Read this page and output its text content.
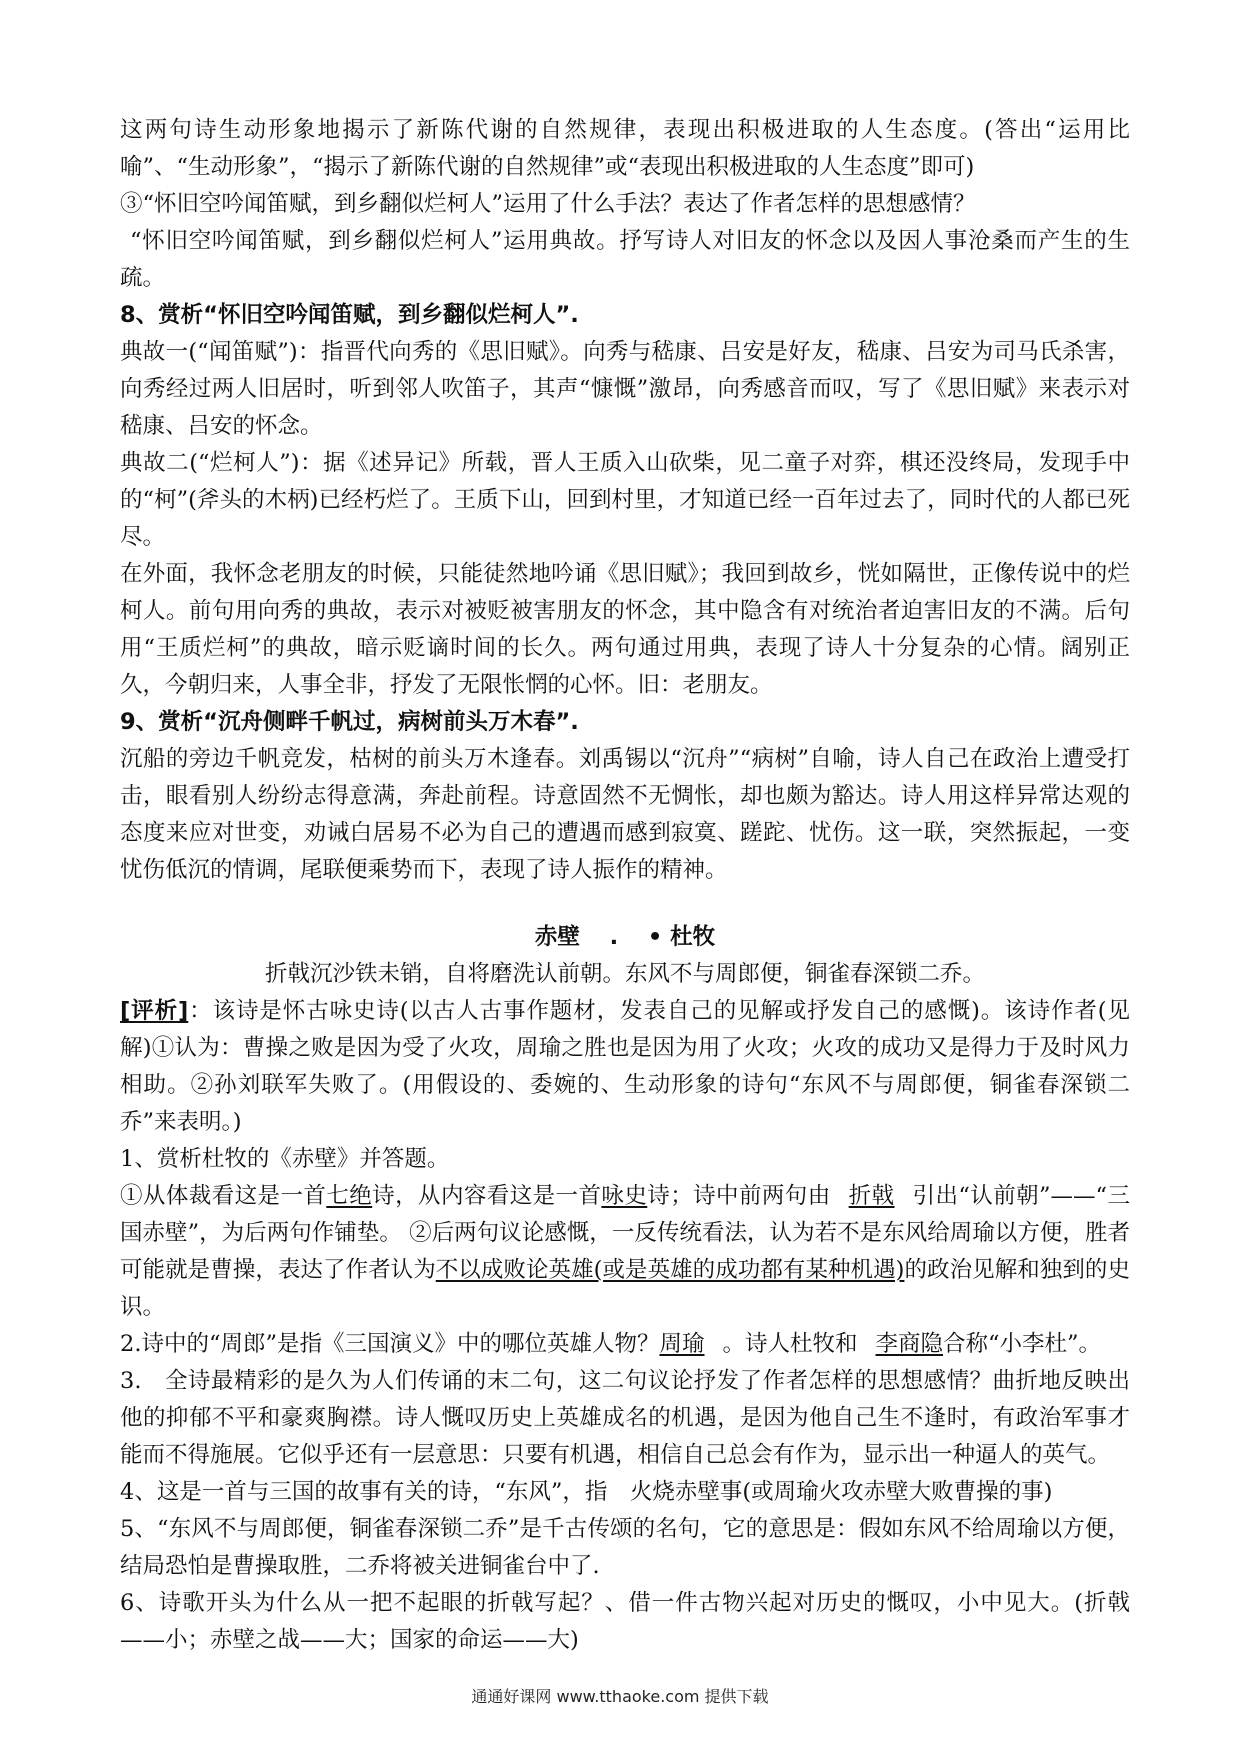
这两句诗生动形象地揭示了新陈代谢的自然规律，表现出积极进取的人生态度。(答出“运用比喻”、“生动形象”，“揭示了新陈代谢的自然规律”或“表现出积极进取的人生态度”即可)

③“怀旧空吟闻笛赋，到乡翻似烂柯人”运用了什么手法？表达了作者怎样的思想感情？

“怀旧空吟闻笛赋，到乡翻似烂柯人”运用典故。抒写诗人对旧友的怀念以及因人事沧桑而产生的生疏。

8、赏析“怀旧空吟闻笛赋，到乡翻似烂柯人”.

典故一(“闻笛赋”)：指晋代向秀的《思旧赋》。向秀与嵇康、吕安是好友，嵇康、吕安为司马氏杀害，向秀经过两人旧居时，听到邻人吹笛子，其声“慷慨”激昂，向秀感音而叹，写了《思旧赋》来表示对嵇康、吕安的怀念。

典故二(“烂柯人”)：据《述异记》所载，晋人王质入山砍柴，见二童子对弈，棋还没终局，发现手中的“柯”(斧头的木柄)已经朽烂了。王质下山，回到村里，才知道已经一百年过去了，同时代的人都已死尽。

在外面，我怀念老朋友的时候，只能徒然地吟诵《思旧赋》；我回到故乡，恍如隔世，正像传说中的烂柯人。前句用向秀的典故，表示对被贬被害朋友的怀念，其中隐含有对统治者迫害旧友的不满。后句用“王质烂柯”的典故，暗示贬谪时间的长久。两句通过用典，表现了诗人十分复杂的心情。阔别正久，今朝归来，人事全非，抒发了无限怅惘的心怀。旧：老朋友。

9、赏析“沉舟侧畔千帆过，病树前头万木春”.

沉船的旁边千帆竞发，枯树的前头万木逢春。刘禹锡以“沉舟”“病树”自喻，诗人自己在政治上遭受打击，眼看别人纷纷志得意满，奔赴前程。诗意固然不无惆怅，却也颇为豁达。诗人用这样异常达观的态度来应对世变，劝诫白居易不必为自己的遭遇而感到寂寞、蹉跎、忧伤。这一联，突然振起，一变忧伤低沉的情调，尾联便乘势而下，表现了诗人振作的精神。

赤壁 . • 杜牧

折戟沉沙铁未销，自将磨洗认前朝。东风不与周郎便，铜雀春深锁二乔。

[评析]：该诗是怀古咏史诗(以古人古事作题材，发表自己的见解或抒发自己的感慨)。该诗作者(见解)①认为：曹操之败是因为受了火攻，周瑜之胜也是因为用了火攻；火攻的成功又是得力于及时风力相助。②孙刘联军失败了。(用假设的、委婉的、生动形象的诗句“东风不与周郎便，铜雀春深锁二乔”来表明。)

1、赏析杜牧的《赤壁》并答题。

①从体裁看这是一首七绝诗，从内容看这是一首咏史诗；诗中前两句由 折戟 引出“认前朝”——“三国赤壁”，为后两句作铺垫。 ②后两句议论感慨，一反传统看法，认为若不是东风给周瑜以方便，胜者可能就是曹操，表达了作者认为不以成败论英雄(或是英雄的成功都有某种机遇)的政治见解和独到的史识。

2.诗中的“周郎”是指《三国演义》中的哪位英雄人物？周瑜 。诗人杜牧和 李商隐合称“小李杜”。

3.　全诗最精彩的是久为人们传诵的末二句，这二句议论抒发了作者怎样的思想感情？曲折地反映出他的抑郁不平和豪爽胸襟。诗人慨叹历史上英雄成名的机遇，是因为他自己生不逢时，有政治军事才能而不得施展。它似乎还有一层意思：只要有机遇，相信自己总会有作为，显示出一种逼人的英气。

4、这是一首与三国的故事有关的诗，“东风”，指　火烧赤壁事(或周瑜火攻赤壁大败曹操的事)

5、“东风不与周郎便，铜雀春深锁二乔”是千古传颂的名句，它的意思是：假如东风不给周瑜以方便，结局恐怕是曹操取胜，二乔将被关进铜雀台中了.

6、诗歌开头为什么从一把不起眼的折戟写起？、借一件古物兴起对历史的慨叹，小中见大。(折戟——小；赤壁之战——大；国家的命运——大)

通通好课网 www.tthaoke.com 提供下载
